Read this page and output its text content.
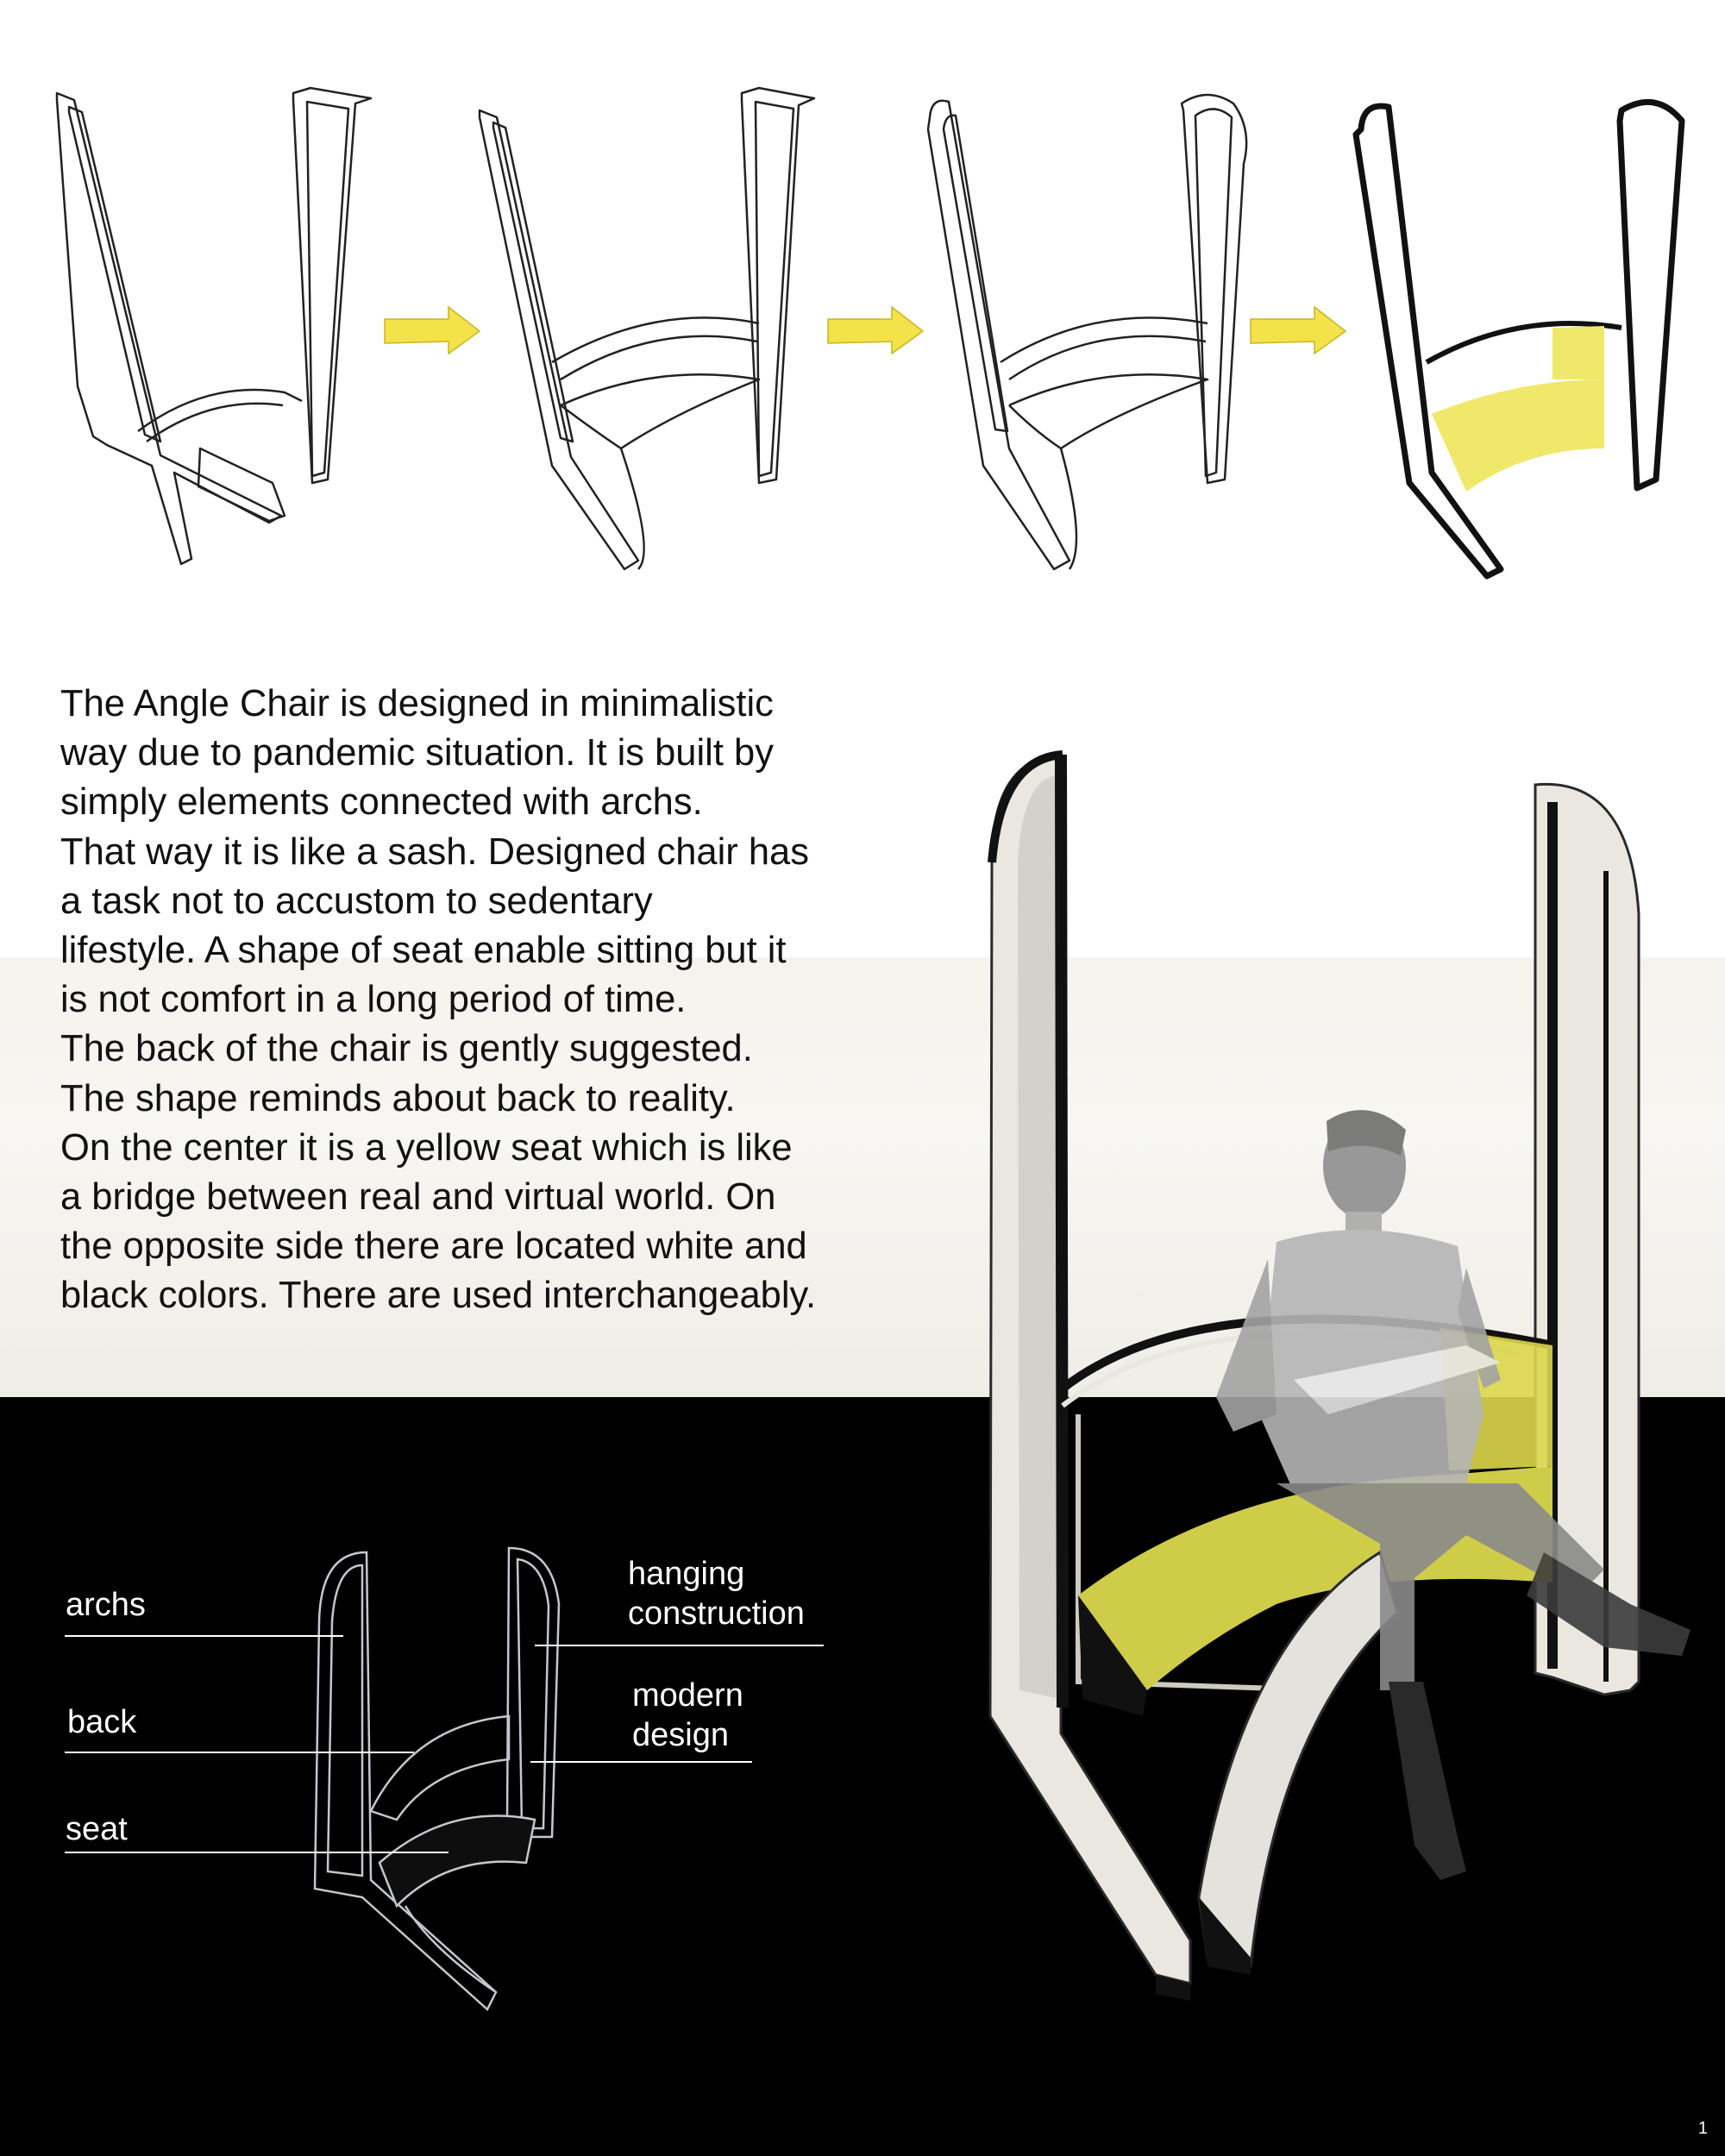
The Angle Chair is designed in minimalistic
way due to pandemic situation. It is built by
simply elements connected with archs.
That way it is like a sash. Designed chair has
a task not to accustom to sedentary
lifestyle. A shape of seat enable sitting but it
is not comfort in a long period of time.
The back of the chair is gently suggested.
The shape reminds about back to reality.
On the center it is a yellow seat which is like
a bridge between real and virtual world. On
the opposite side there are located white and
black colors. There are used interchangeably.
archs
back
seat
hanging
construction
modern
design
1
